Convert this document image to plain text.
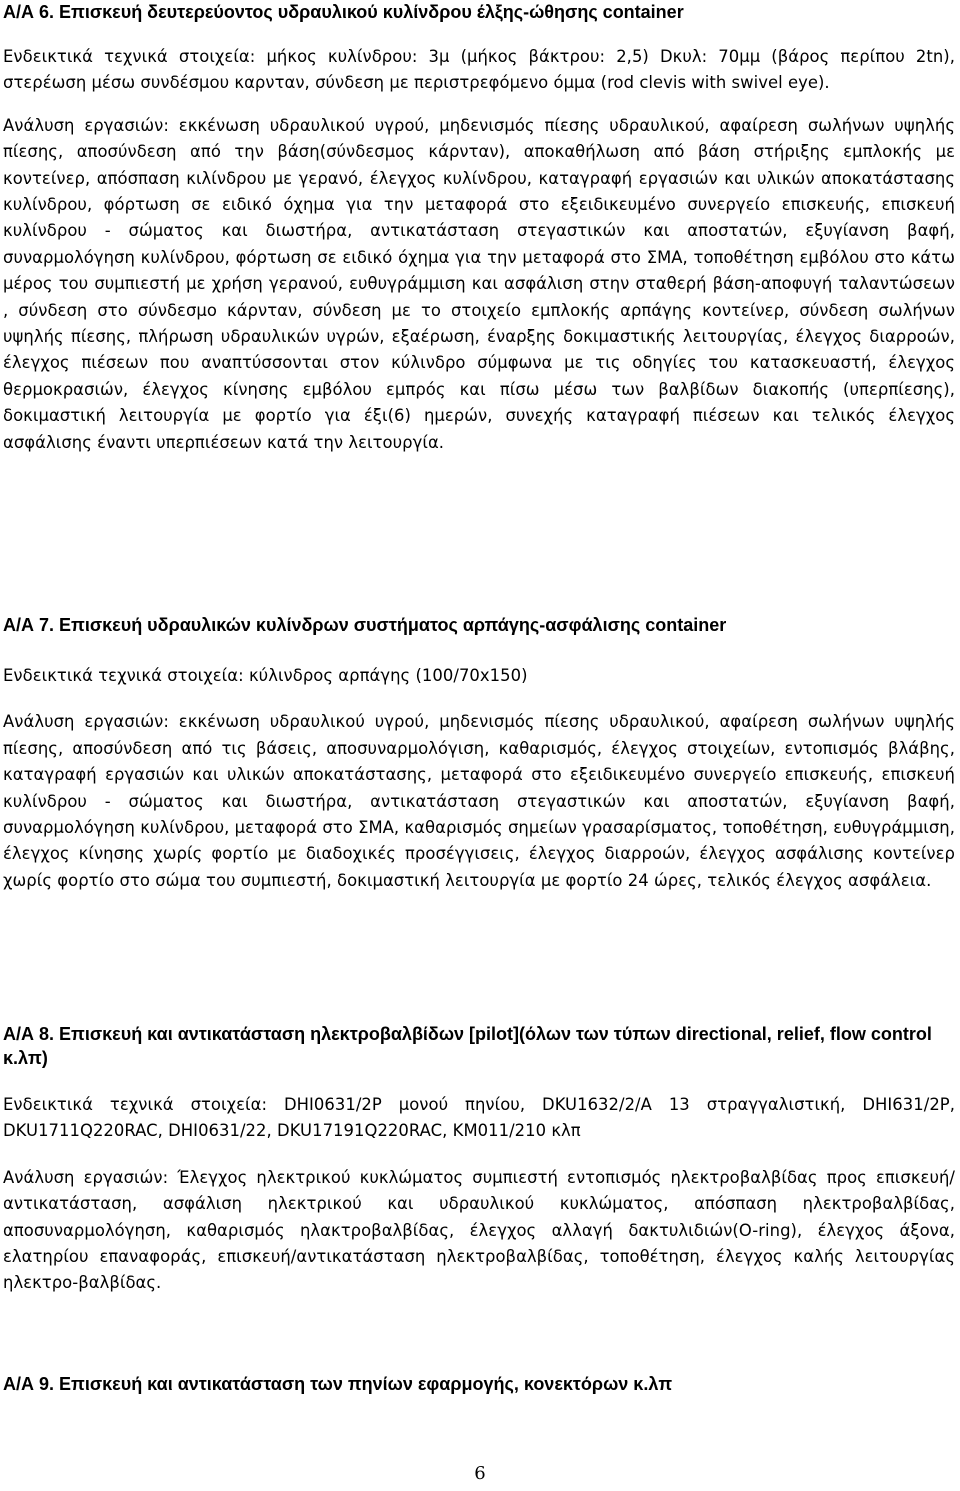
Α/Α 6. Επισκευή δευτερεύοντος υδραυλικού κυλίνδρου έλξης-ώθησης container

Ενδεικτικά τεχνικά στοιχεία: μήκος κυλίνδρου: 3μ (μήκος βάκτρου: 2,5) Dκυλ: 70μμ (βάρος περίπου 2tn), στερέωση μέσω συνδέσμου καρνταν, σύνδεση με περιστρεφόμενο όμμα (rod clevis with swivel eye).

Ανάλυση εργασιών: εκκένωση υδραυλικού υγρού, μηδενισμός πίεσης υδραυλικού, αφαίρεση σωλήνων υψηλής πίεσης, αποσύνδεση από την βάση(σύνδεσμος κάρνταν), αποκαθήλωση από βάση στήριξης εμπλοκής με κοντείνερ, απόσπαση κιλίνδρου με γερανό, έλεγχος κυλίνδρου, καταγραφή εργασιών και υλικών αποκατάστασης κυλίνδρου, φόρτωση σε ειδικό όχημα για την μεταφορά στο εξειδικευμένο συνεργείο επισκευής, επισκευή κυλίνδρου - σώματος και διωστήρα, αντικατάσταση στεγαστικών και αποστατών, εξυγίανση βαφή, συναρμολόγηση κυλίνδρου, φόρτωση σε ειδικό όχημα για την μεταφορά στο ΣΜΑ, τοποθέτηση εμβόλου στο κάτω μέρος του συμπιεστή με χρήση γερανού, ευθυγράμμιση και ασφάλιση στην σταθερή βάση-αποφυγή ταλαντώσεων , σύνδεση στο σύνδεσμο κάρνταν, σύνδεση με το στοιχείο εμπλοκής αρπάγης κοντείνερ, σύνδεση σωλήνων υψηλής πίεσης, πλήρωση υδραυλικών υγρών, εξαέρωση, έναρξης δοκιμαστικής λειτουργίας, έλεγχος διαρροών, έλεγχος πιέσεων που αναπτύσσονται στον κύλινδρο σύμφωνα με τις οδηγίες του κατασκευαστή, έλεγχος θερμοκρασιών, έλεγχος κίνησης εμβόλου εμπρός και πίσω μέσω των βαλβίδων διακοπής (υπερπίεσης), δοκιμαστική λειτουργία με φορτίο για έξι(6) ημερών, συνεχής καταγραφή πιέσεων και τελικός έλεγχος ασφάλισης έναντι υπερπιέσεων κατά την λειτουργία.

Α/Α 7. Επισκευή υδραυλικών κυλίνδρων συστήματος αρπάγης-ασφάλισης container

Ενδεικτικά τεχνικά στοιχεία: κύλινδρος αρπάγης (100/70x150)

Ανάλυση εργασιών: εκκένωση υδραυλικού υγρού, μηδενισμός πίεσης υδραυλικού, αφαίρεση σωλήνων υψηλής πίεσης, αποσύνδεση από τις βάσεις, αποσυναρμολόγιση, καθαρισμός, έλεγχος στοιχείων, εντοπισμός βλάβης, καταγραφή εργασιών και υλικών αποκατάστασης, μεταφορά στο εξειδικευμένο συνεργείο επισκευής, επισκευή κυλίνδρου - σώματος και διωστήρα, αντικατάσταση στεγαστικών και αποστατών, εξυγίανση βαφή, συναρμολόγηση κυλίνδρου, μεταφορά στο ΣΜΑ, καθαρισμός σημείων γρασαρίσματος, τοποθέτηση, ευθυγράμμιση, έλεγχος κίνησης χωρίς φορτίο με διαδοχικές προσέγγισεις, έλεγχος διαρροών, έλεγχος ασφάλισης κοντείνερ χωρίς φορτίο στο σώμα του συμπιεστή, δοκιμαστική λειτουργία με φορτίο 24 ώρες, τελικός έλεγχος ασφάλεια.

Α/Α 8. Επισκευή και αντικατάσταση ηλεκτροβαλβίδων [pilot](όλων των τύπων directional, relief, flow control κ.λπ)

Ενδεικτικά τεχνικά στοιχεία: DHI0631/2P μονού πηνίου, DKU1632/2/A 13 στραγγαλιστική, DHI631/2P, DKU1711Q220RAC, DHI0631/22, DKU17191Q220RAC, KM011/210 κλπ

Ανάλυση εργασιών: Έλεγχος ηλεκτρικού κυκλώματος συμπιεστή εντοπισμός ηλεκτροβαλβίδας προς επισκευή/αντικατάσταση, ασφάλιση ηλεκτρικού και υδραυλικού κυκλώματος, απόσπαση ηλεκτροβαλβίδας, αποσυναρμολόγηση, καθαρισμός ηλακτροβαλβίδας, έλεγχος αλλαγή δακτυλιδιών(O-ring), έλεγχος άξονα, ελατηρίου επαναφοράς, επισκευή/αντικατάσταση ηλεκτροβαλβίδας, τοποθέτηση, έλεγχος καλής λειτουργίας ηλεκτρο-βαλβίδας.

Α/Α 9. Επισκευή και αντικατάσταση των πηνίων εφαρμογής, κονεκτόρων κ.λπ

6
